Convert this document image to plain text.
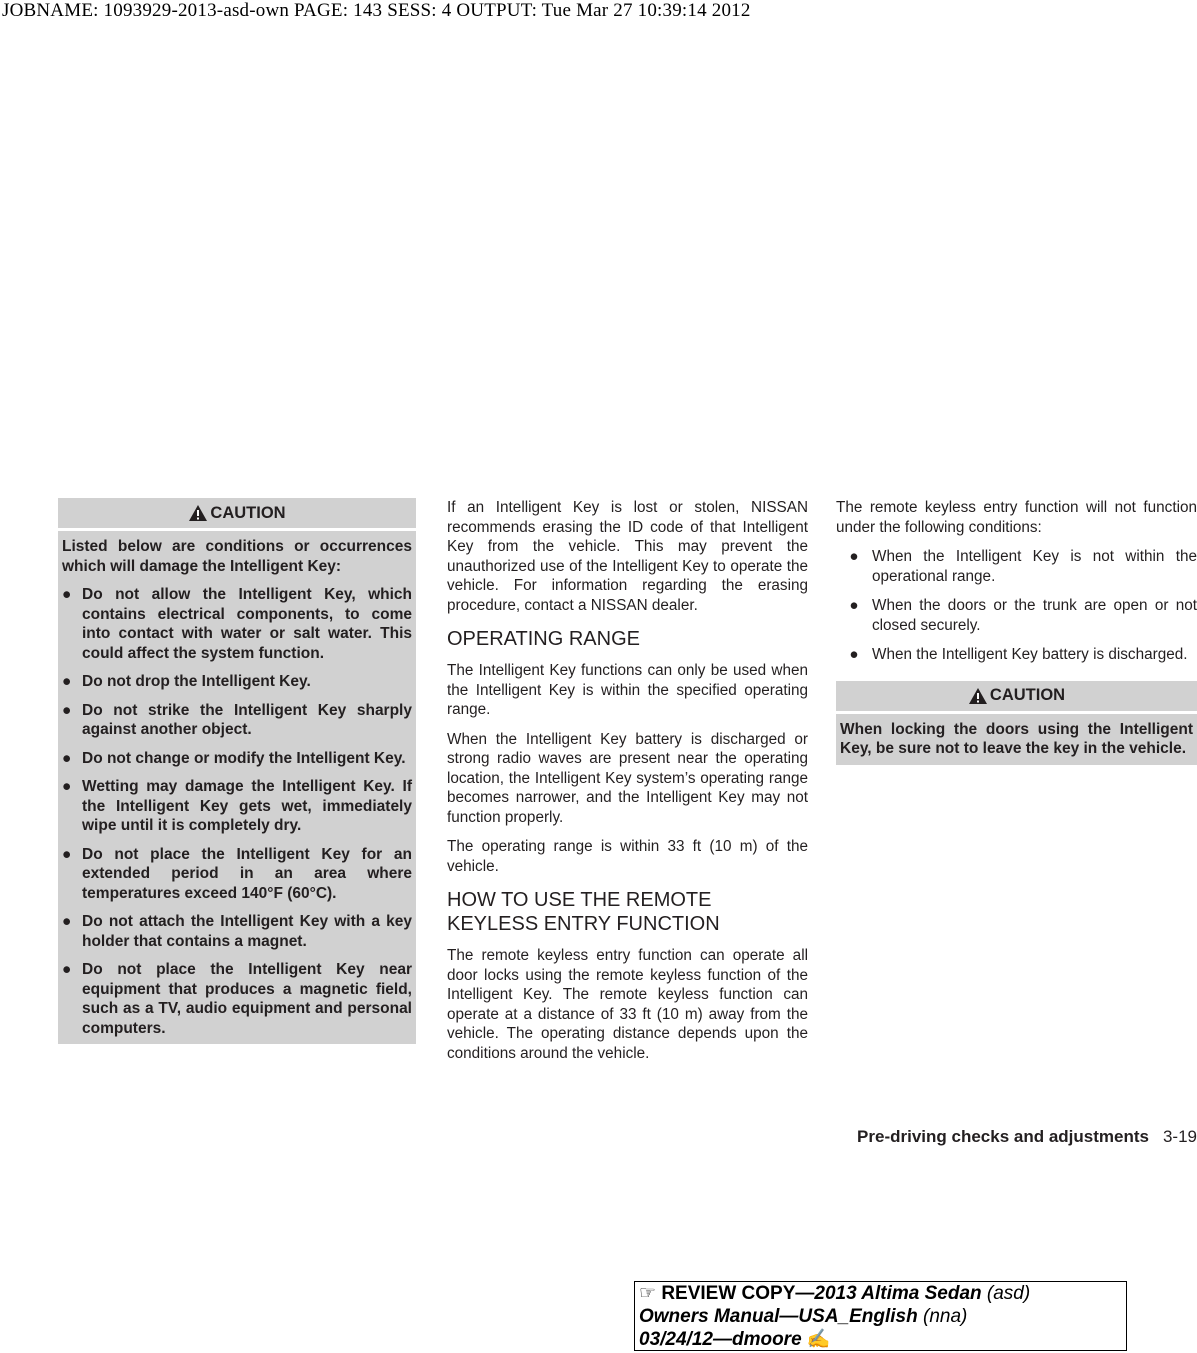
JOBNAME: 1093929-2013-asd-own PAGE: 143 SESS: 4 OUTPUT: Tue Mar 27 10:39:14 2012
CAUTION

Listed below are conditions or occurrences which will damage the Intelligent Key:

● Do not allow the Intelligent Key, which contains electrical components, to come into contact with water or salt water. This could affect the system function.
● Do not drop the Intelligent Key.
● Do not strike the Intelligent Key sharply against another object.
● Do not change or modify the Intelligent Key.
● Wetting may damage the Intelligent Key. If the Intelligent Key gets wet, immediately wipe until it is completely dry.
● Do not place the Intelligent Key for an extended period in an area where temperatures exceed 140°F (60°C).
● Do not attach the Intelligent Key with a key holder that contains a magnet.
● Do not place the Intelligent Key near equipment that produces a magnetic field, such as a TV, audio equipment and personal computers.

If an Intelligent Key is lost or stolen, NISSAN recommends erasing the ID code of that Intelligent Key from the vehicle. This may prevent the unauthorized use of the Intelligent Key to operate the vehicle. For information regarding the erasing procedure, contact a NISSAN dealer.

OPERATING RANGE

The Intelligent Key functions can only be used when the Intelligent Key is within the specified operating range.

When the Intelligent Key battery is discharged or strong radio waves are present near the operating location, the Intelligent Key system’s operating range becomes narrower, and the Intelligent Key may not function properly.

The operating range is within 33 ft (10 m) of the vehicle.

HOW TO USE THE REMOTE KEYLESS ENTRY FUNCTION

The remote keyless entry function can operate all door locks using the remote keyless function of the Intelligent Key. The remote keyless function can operate at a distance of 33 ft (10 m) away from the vehicle. The operating distance depends upon the conditions around the vehicle.

The remote keyless entry function will not function under the following conditions:

● When the Intelligent Key is not within the operational range.
● When the doors or the trunk are open or not closed securely.
● When the Intelligent Key battery is discharged.
CAUTION

When locking the doors using the Intelligent Key, be sure not to leave the key in the vehicle.

Pre-driving checks and adjustments 3-19
☞ REVIEW COPY—2013 Altima Sedan (asd)
Owners Manual—USA_English (nna)
03/24/12—dmoore ✍
